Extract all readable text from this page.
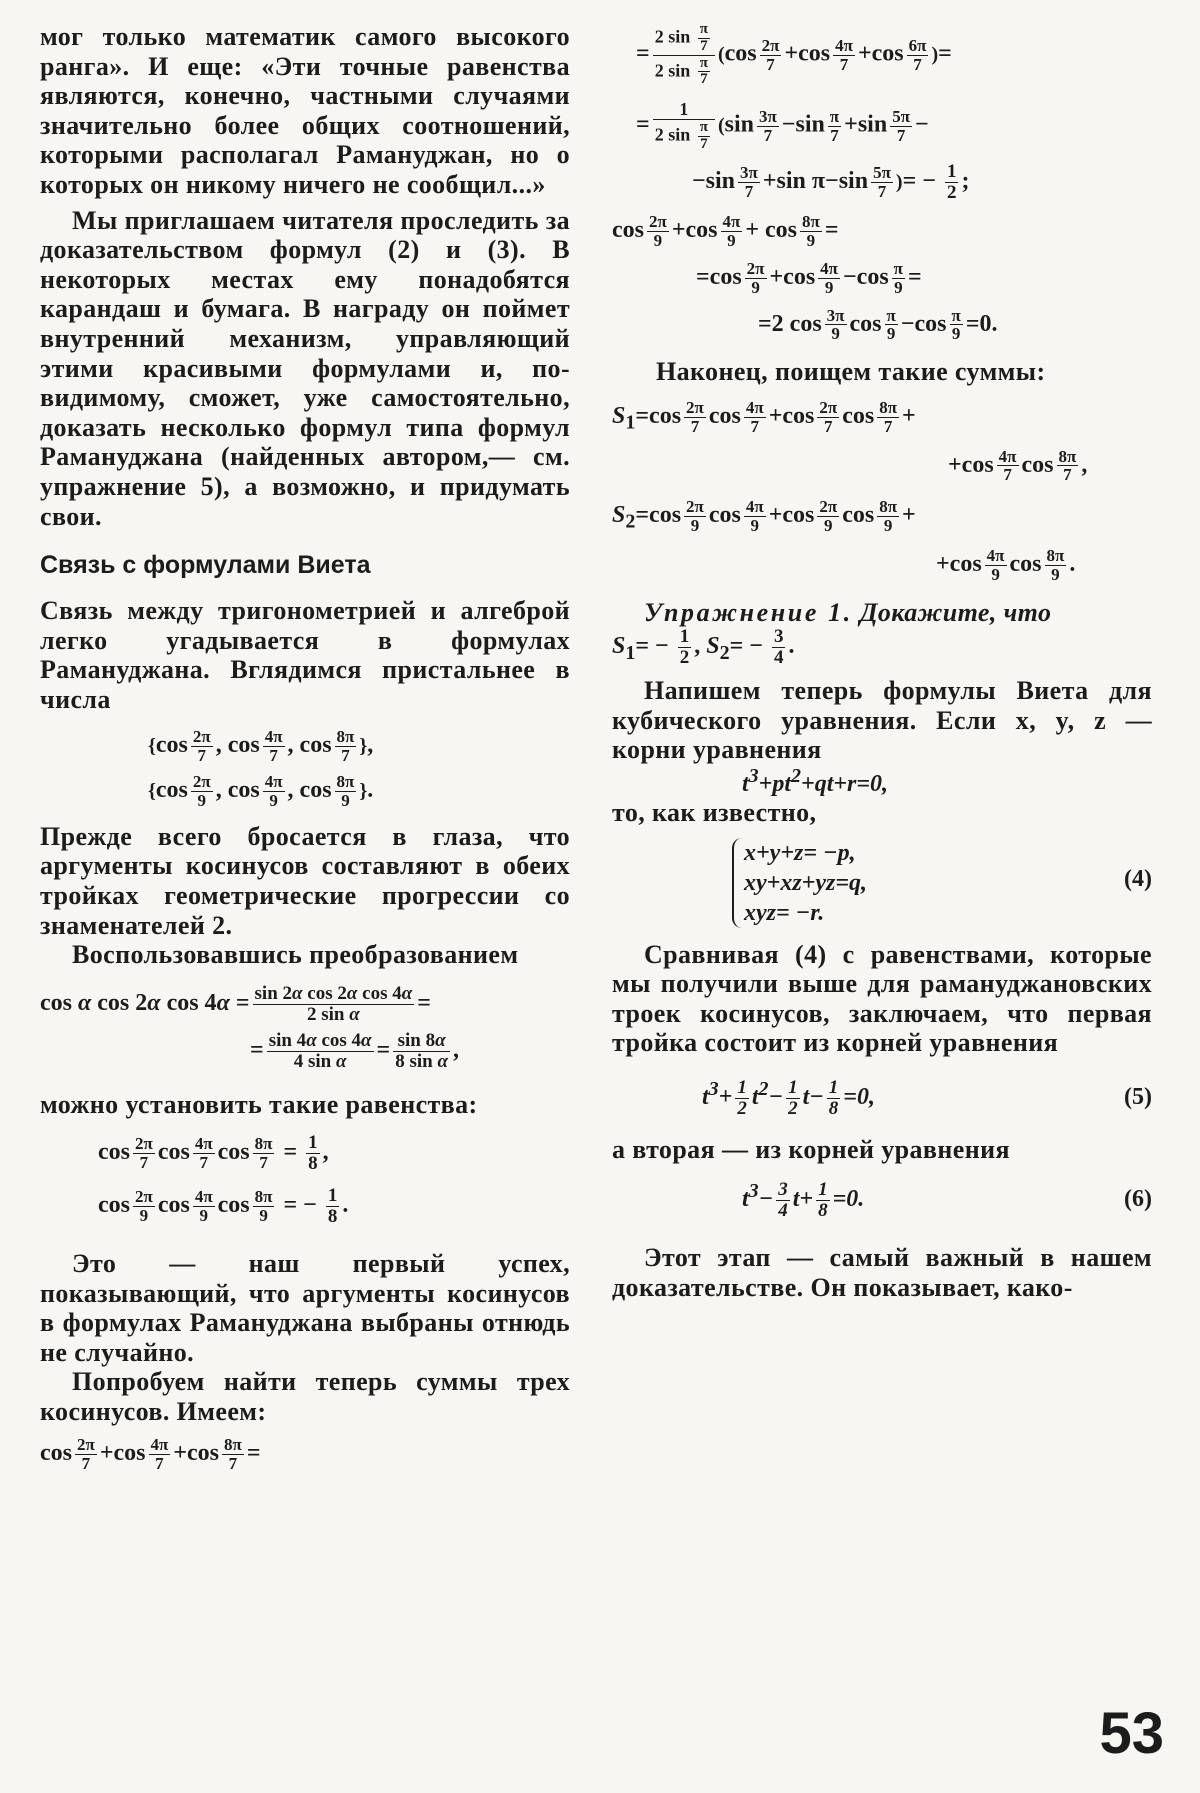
мог только математик самого высокого ранга». И еще: «Эти точные равенства являются, конечно, частными случаями значительно более общих соотношений, которыми располагал Рамануджан, но о которых он никому ничего не сообщил...»

Мы приглашаем читателя проследить за доказательством формул (2) и (3). В некоторых местах ему понадобятся карандаш и бумага. В награду он поймет внутренний механизм, управляющий этими красивыми формулами и, по-видимому, сможет, уже самостоятельно, доказать несколько формул типа формул Рамануджана (найденных автором,— см. упражнение 5), а возможно, и придумать свои.

Связь с формулами Виета

Связь между тригонометрией и алгеброй легко угадывается в формулах Рамануджана. Вглядимся пристальнее в числа

{$\cos \frac{2\pi}{7}$ , $\cos \frac{4\pi}{7}$ , $\cos \frac{8\pi}{7}$ },
{$\cos \frac{2\pi}{9}$ , $\cos \frac{4\pi}{9}$ , $\cos \frac{8\pi}{9}$ }.

Прежде всего бросается в глаза, что аргументы косинусов составляют в обеих тройках геометрические прогрессии со знаменателей 2.

Воспользовавшись преобразованием

cos α cos 2α $\cos 4\alpha = \frac{\text{sin 2α cos 2α cos 4α}}{\text{2 sin α}}$ =
= $\frac{\text{sin 4α cos 4α}}{\text{4 sin α}} = \frac{\sin 8\alpha}{\text{8 sin α}}$ ,

можно установить такие равенства:

$\cos \frac{2\pi}{7}$ $\cos \frac{4\pi}{7}$ $\cos \frac{8\pi}{7} = \frac{1}{8}$ ,
$\cos \frac{2\pi}{9}$ $\cos \frac{4\pi}{9}$ $\cos \frac{8\pi}{9}$ = − $\frac{1}{8}$ .

Это — наш первый успех, показывающий, что аргументы косинусов в формулах Рамануджана выбраны отнюдь не случайно.

Попробуем найти теперь суммы трех косинусов. Имеем:

$\cos \frac{2\pi}{7} +\cos \frac{4\pi}{7} +\cos \frac{8\pi}{7}$ =
= $\frac{2 \sin \frac{\pi}{7}}{2 \sin \frac{\pi}{7}} (\cos \frac{2\pi}{7} +\cos \frac{4\pi}{7} +\cos \frac{6\pi}{7}$ )=
= $\frac{1}{2 \sin \frac{\pi}{7}} (\sin \frac{3\pi}{7} -\sin \frac{\pi}{7} +\sin \frac{5\pi}{7}$ −
$-\sin \frac{3\pi}{7} +\sin$ $\pi-\sin \frac{5\pi}{7}$ )= − $\frac{1}{2}$ ;
$\cos \frac{2\pi}{9} +\cos \frac{4\pi}{9} + \cos \frac{8\pi}{9}$ =
$=\cos \frac{2\pi}{9} +\cos \frac{4\pi}{9} -\cos \frac{\pi}{9}$ =
=2 $\cos \frac{3\pi}{9}$ $\cos \frac{\pi}{9} -\cos \frac{\pi}{9} =0$.

Наконец, поищем такие суммы:

$S_1=\cos \frac{2\pi}{7}$ $\cos \frac{4\pi}{7} +\cos \frac{2\pi}{7}$ $\cos \frac{8\pi}{7}$ +
$+\cos \frac{4\pi}{7}$ $\cos \frac{8\pi}{7}$ ,
$S_2=\cos \frac{2\pi}{9}$ $\cos \frac{4\pi}{9} +\cos \frac{2\pi}{9}$ $\cos \frac{8\pi}{9}$ +
$+\cos \frac{4\pi}{9}$ $\cos \frac{8\pi}{9}$ .

Упражнение 1. Докажите, что

$S_1= - \frac{1}{2}$ , $S_2= - \frac{3}{4}$ .

Напишем теперь формулы Виета для кубического уравнения. Если x, y, z — корни уравнения

$t^3+pt^2+qt+r=0$,

то, как известно,

x+y+z= −p,
xy+xz+yz=q,
xyz= −r.
(4)

Сравнивая (4) с равенствами, которые мы получили выше для рамануджановских троек косинусов, заключаем, что первая тройка состоит из корней уравнения

$t^3+ \frac{1}{2} t^2- \frac{1}{2} t- \frac{1}{8} =0$,	(5)

а вторая — из корней уравнения

$t^3- \frac{3}{4} t+ \frac{1}{8} =0$.	(6)

Этот этап — самый важный в нашем доказательстве. Он показывает, како-

53
